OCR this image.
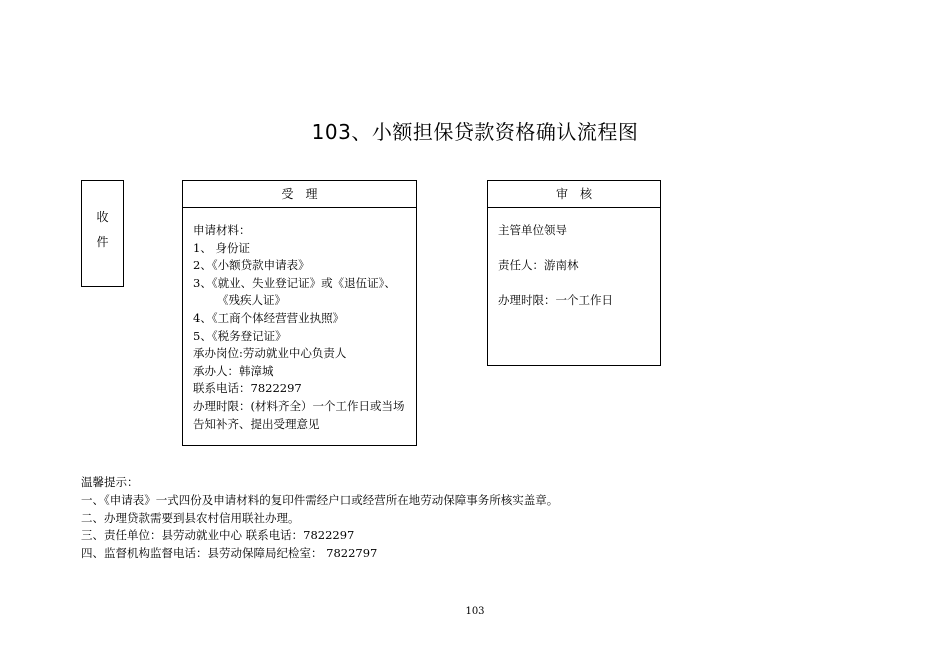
103、小额担保贷款资格确认流程图
收
件
受　理
申请材料：
1、 身份证
2、《小额贷款申请表》
3、《就业、失业登记证》或《退伍证》、
《残疾人证》
4、《工商个体经营营业执照》
5、《税务登记证》
承办岗位:劳动就业中心负责人
承办人：韩漳城
联系电话：7822297
办理时限：(材料齐全）一个工作日或当场
告知补齐、提出受理意见
审　核
主管单位领导
责任人：游南林
办理时限：一个工作日
温馨提示：
一、《申请表》一式四份及申请材料的复印件需经户口或经营所在地劳动保障事务所核实盖章。
二、办理贷款需要到县农村信用联社办理。
三、责任单位：县劳动就业中心 联系电话：7822297
四、监督机构监督电话：县劳动保障局纪检室： 7822797
103
